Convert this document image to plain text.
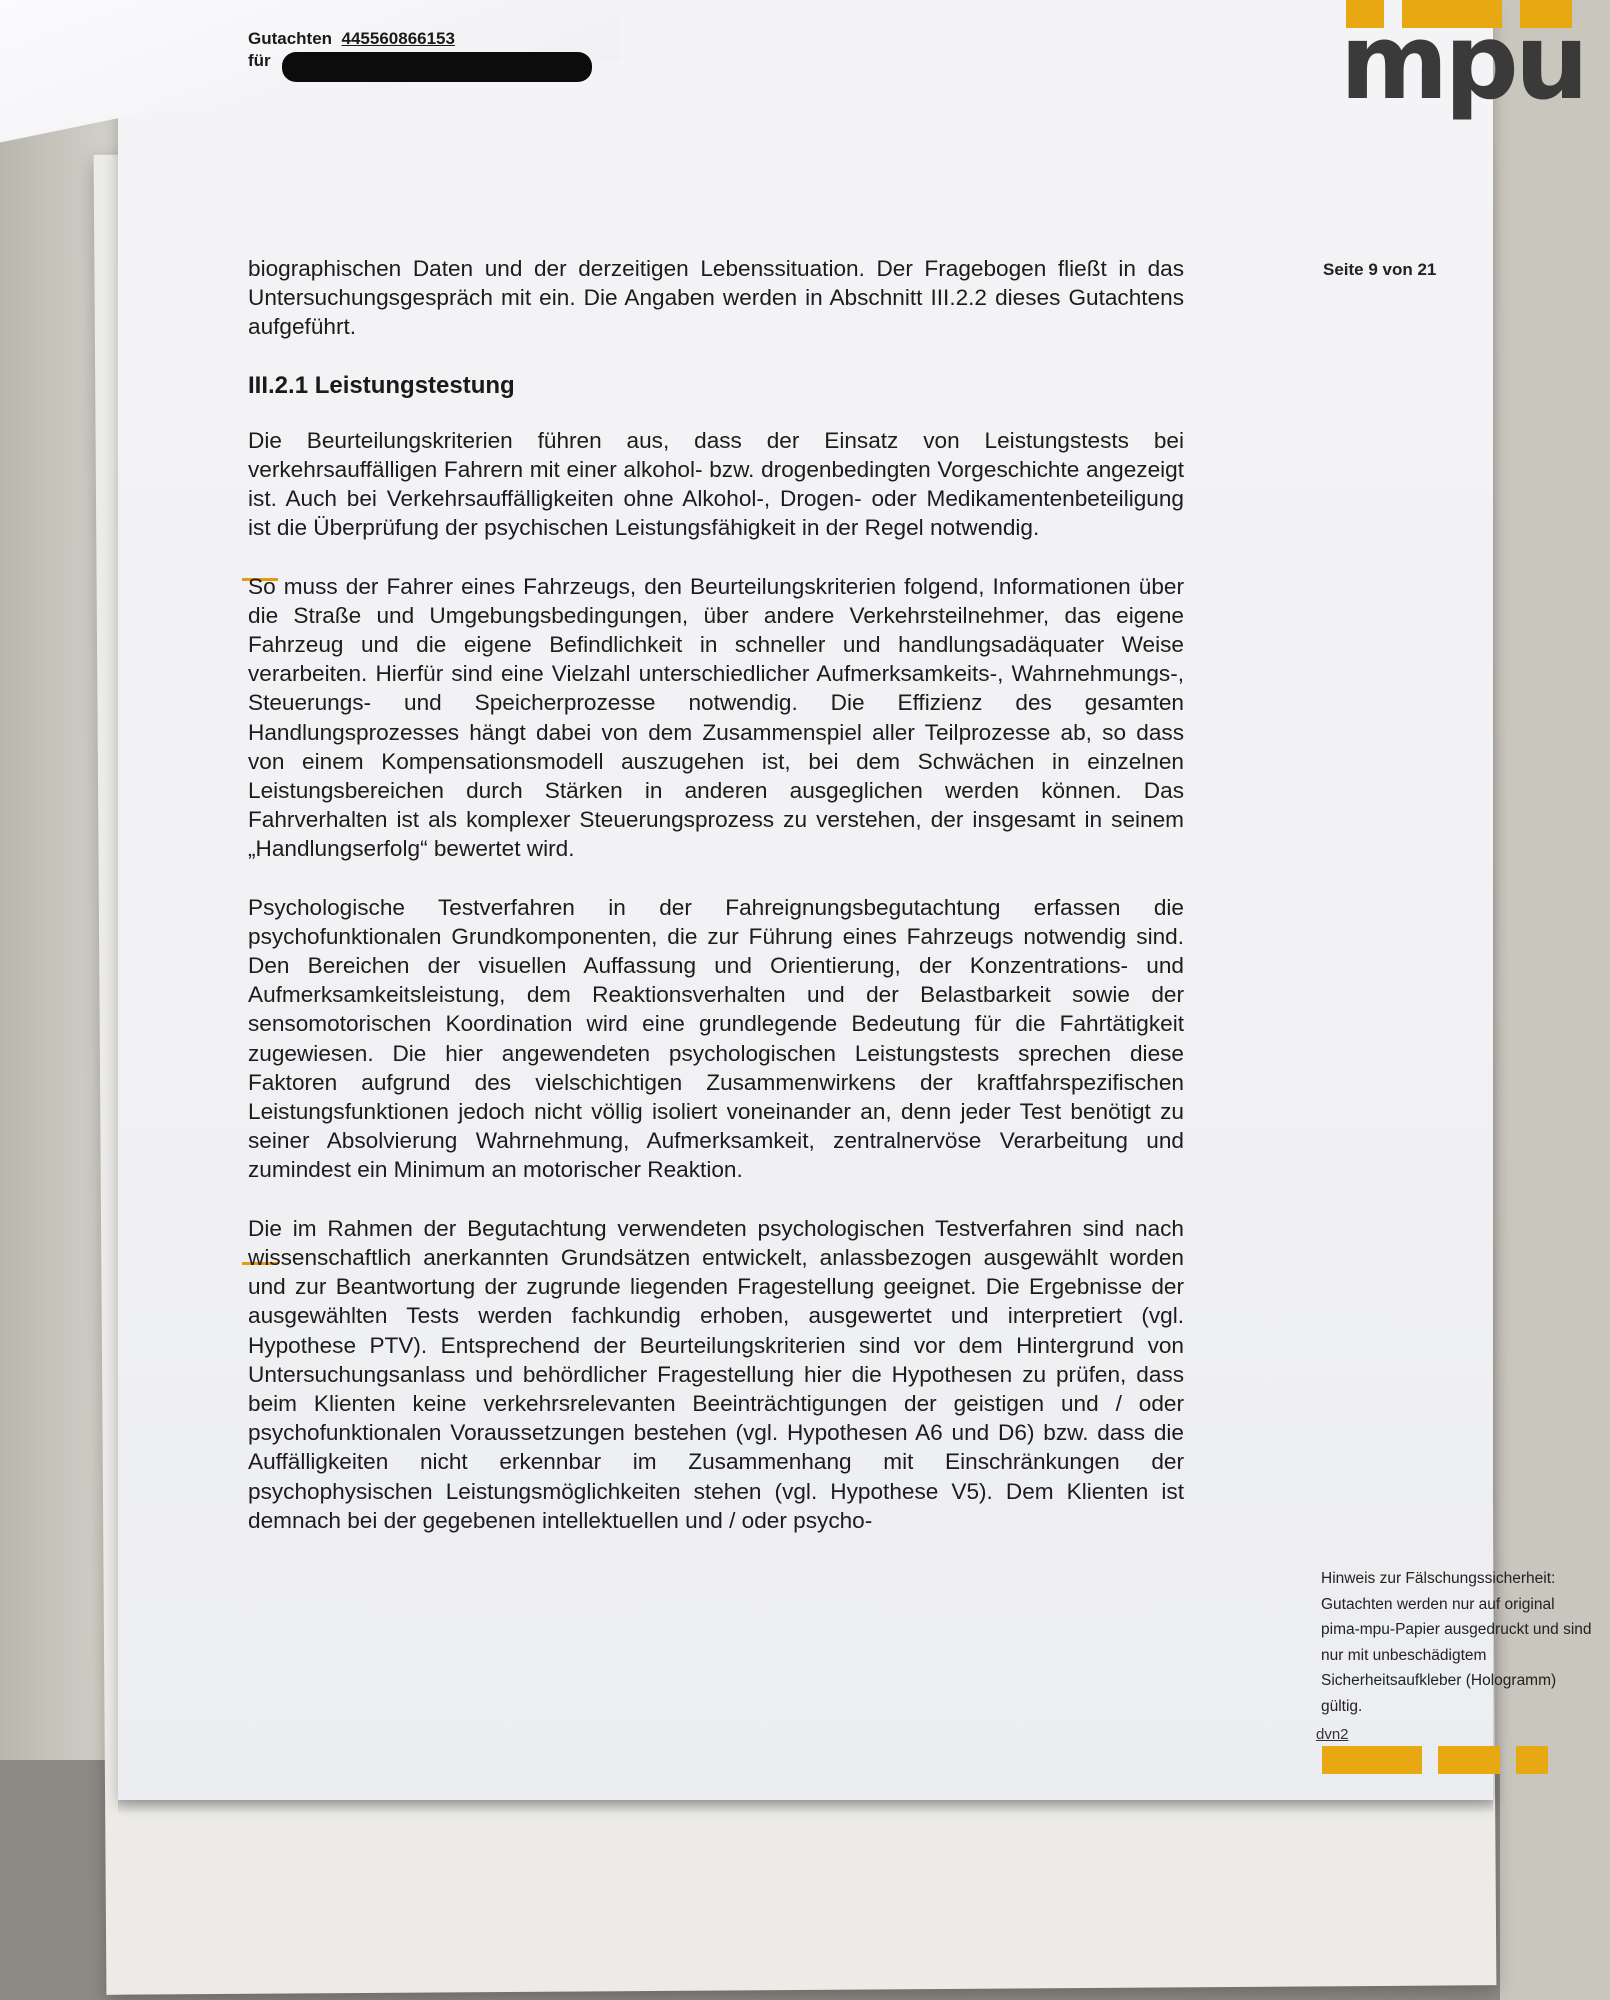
mpu
Seite 9 von 21
Hinweis zur Fälschungssicherheit: Gutachten werden nur auf original pima-mpu-Papier ausgedruckt und sind nur mit unbeschädigtem Sicherheitsaufkleber (Hologramm) gültig.
dvn2
Gutachten 445560866153
für

biographischen Daten und der derzeitigen Lebenssituation. Der Fragebogen fließt in das Untersuchungsgespräch mit ein. Die Angaben werden in Abschnitt III.2.2 dieses Gutachtens aufgeführt.

III.2.1 Leistungstestung

Die Beurteilungskriterien führen aus, dass der Einsatz von Leistungstests bei verkehrsauffälligen Fahrern mit einer alkohol- bzw. drogenbedingten Vorgeschichte angezeigt ist. Auch bei Verkehrsauffälligkeiten ohne Alkohol-, Drogen- oder Medikamentenbeteiligung ist die Überprüfung der psychischen Leistungsfähigkeit in der Regel notwendig.

So muss der Fahrer eines Fahrzeugs, den Beurteilungskriterien folgend, Informationen über die Straße und Umgebungsbedingungen, über andere Verkehrsteilnehmer, das eigene Fahrzeug und die eigene Befindlichkeit in schneller und handlungsadäquater Weise verarbeiten. Hierfür sind eine Vielzahl unterschiedlicher Aufmerksamkeits-, Wahrnehmungs-, Steuerungs- und Speicherprozesse notwendig. Die Effizienz des gesamten Handlungsprozesses hängt dabei von dem Zusammenspiel aller Teilprozesse ab, so dass von einem Kompensationsmodell auszugehen ist, bei dem Schwächen in einzelnen Leistungsbereichen durch Stärken in anderen ausgeglichen werden können. Das Fahrverhalten ist als komplexer Steuerungsprozess zu verstehen, der insgesamt in seinem „Handlungserfolg“ bewertet wird.

Psychologische Testverfahren in der Fahreignungsbegutachtung erfassen die psychofunktionalen Grundkomponenten, die zur Führung eines Fahrzeugs notwendig sind. Den Bereichen der visuellen Auffassung und Orientierung, der Konzentrations- und Aufmerksamkeitsleistung, dem Reaktionsverhalten und der Belastbarkeit sowie der sensomotorischen Koordination wird eine grundlegende Bedeutung für die Fahrtätigkeit zugewiesen. Die hier angewendeten psychologischen Leistungstests sprechen diese Faktoren aufgrund des vielschichtigen Zusammenwirkens der kraftfahrspezifischen Leistungsfunktionen jedoch nicht völlig isoliert voneinander an, denn jeder Test benötigt zu seiner Absolvierung Wahrnehmung, Aufmerksamkeit, zentralnervöse Verarbeitung und zumindest ein Minimum an motorischer Reaktion.

Die im Rahmen der Begutachtung verwendeten psychologischen Testverfahren sind nach wissenschaftlich anerkannten Grundsätzen entwickelt, anlassbezogen ausgewählt worden und zur Beantwortung der zugrunde liegenden Fragestellung geeignet. Die Ergebnisse der ausgewählten Tests werden fachkundig erhoben, ausgewertet und interpretiert (vgl. Hypothese PTV). Entsprechend der Beurteilungskriterien sind vor dem Hintergrund von Untersuchungsanlass und behördlicher Fragestellung hier die Hypothesen zu prüfen, dass beim Klienten keine verkehrsrelevanten Beeinträchtigungen der geistigen und / oder psychofunktionalen Voraussetzungen bestehen (vgl. Hypothesen A6 und D6) bzw. dass die Auffälligkeiten nicht erkennbar im Zusammenhang mit Einschränkungen der psychophysischen Leistungsmöglichkeiten stehen (vgl. Hypothese V5). Dem Klienten ist demnach bei der gegebenen intellektuellen und / oder psycho-
